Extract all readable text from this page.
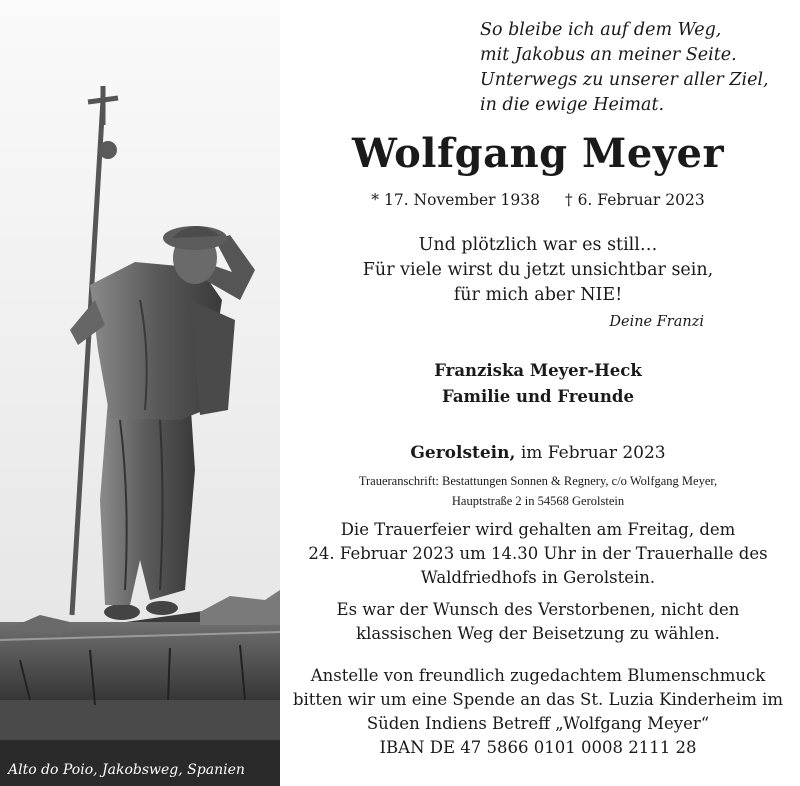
Alto do Poio, Jakobsweg, Spanien
So bleibe ich auf dem Weg,
mit Jakobus an meiner Seite.
Unterwegs zu unserer aller Ziel,
in die ewige Heimat.
Wolfgang Meyer
* 17. November 1938 † 6. Februar 2023
Und plötzlich war es still…
Für viele wirst du jetzt unsichtbar sein,
für mich aber NIE!
Deine Franzi
Franziska Meyer-Heck
Familie und Freunde
Gerolstein, im Februar 2023
Traueranschrift: Bestattungen Sonnen & Regnery, c/o Wolfgang Meyer,
Hauptstraße 2 in 54568 Gerolstein
Die Trauerfeier wird gehalten am Freitag, dem
24. Februar 2023 um 14.30 Uhr in der Trauerhalle des
Waldfriedhofs in Gerolstein.
Es war der Wunsch des Verstorbenen, nicht den
klassischen Weg der Beisetzung zu wählen.
Anstelle von freundlich zugedachtem Blumenschmuck
bitten wir um eine Spende an das St. Luzia Kinderheim im
Süden Indiens Betreff „Wolfgang Meyer“
IBAN DE 47 5866 0101 0008 2111 28
